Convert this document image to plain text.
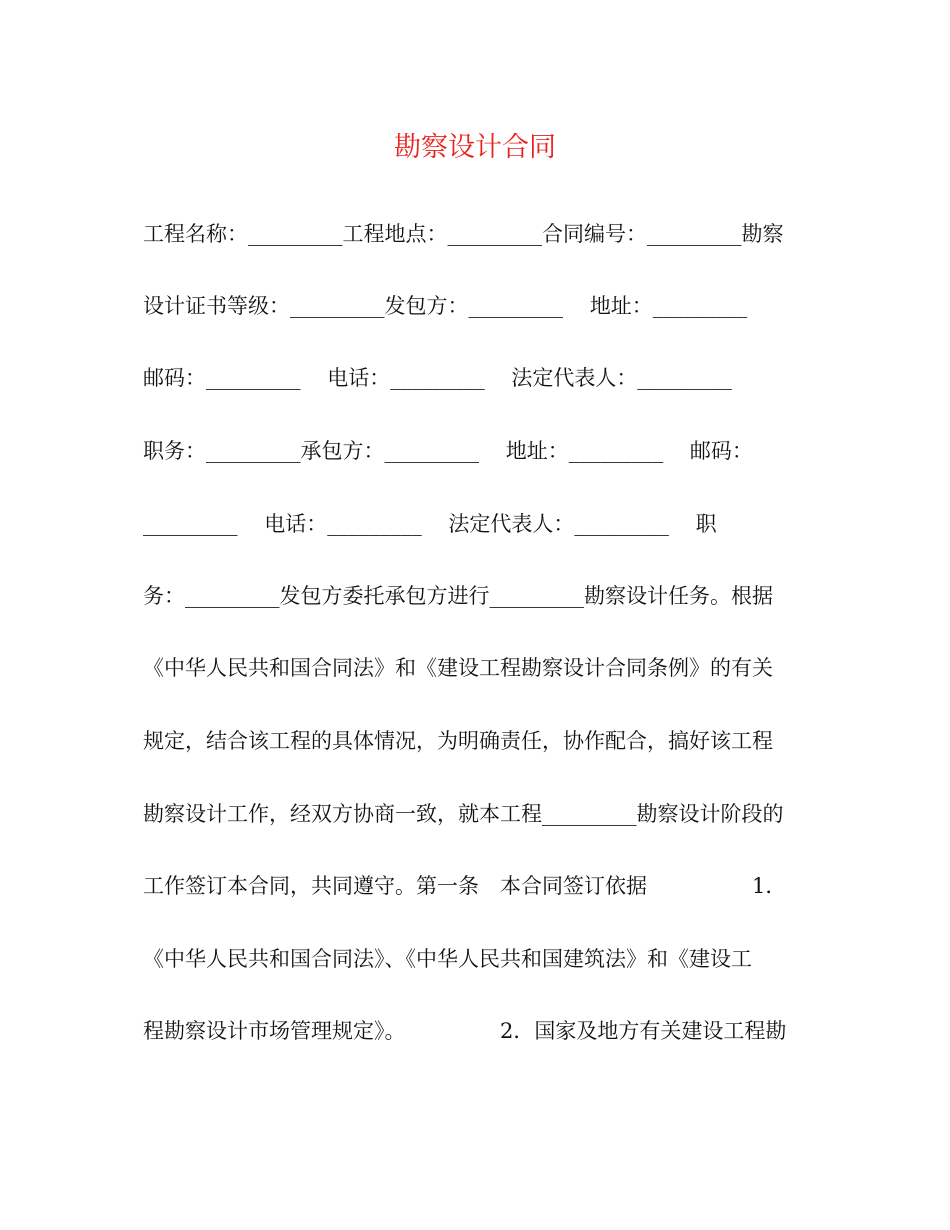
勘察设计合同
工程名称：_________工程地点：_________合同编号：_________勘察
设计证书等级：_________发包方：_________    地址：_________
邮码：_________    电话：_________    法定代表人：_________
职务：_________承包方：_________    地址：_________    邮码：
_________    电话：_________    法定代表人：_________    职
务：_________发包方委托承包方进行_________勘察设计任务。根据
《中华人民共和国合同法》和《建设工程勘察设计合同条例》的有关
规定，结合该工程的具体情况，为明确责任，协作配合，搞好该工程
勘察设计工作，经双方协商一致，就本工程_________勘察设计阶段的
工作签订本合同，共同遵守。第一条　本合同签订依据　　　　　1．
《中华人民共和国合同法》、《中华人民共和国建筑法》和《建设工
程勘察设计市场管理规定》。　　　　　2．国家及地方有关建设工程勘
